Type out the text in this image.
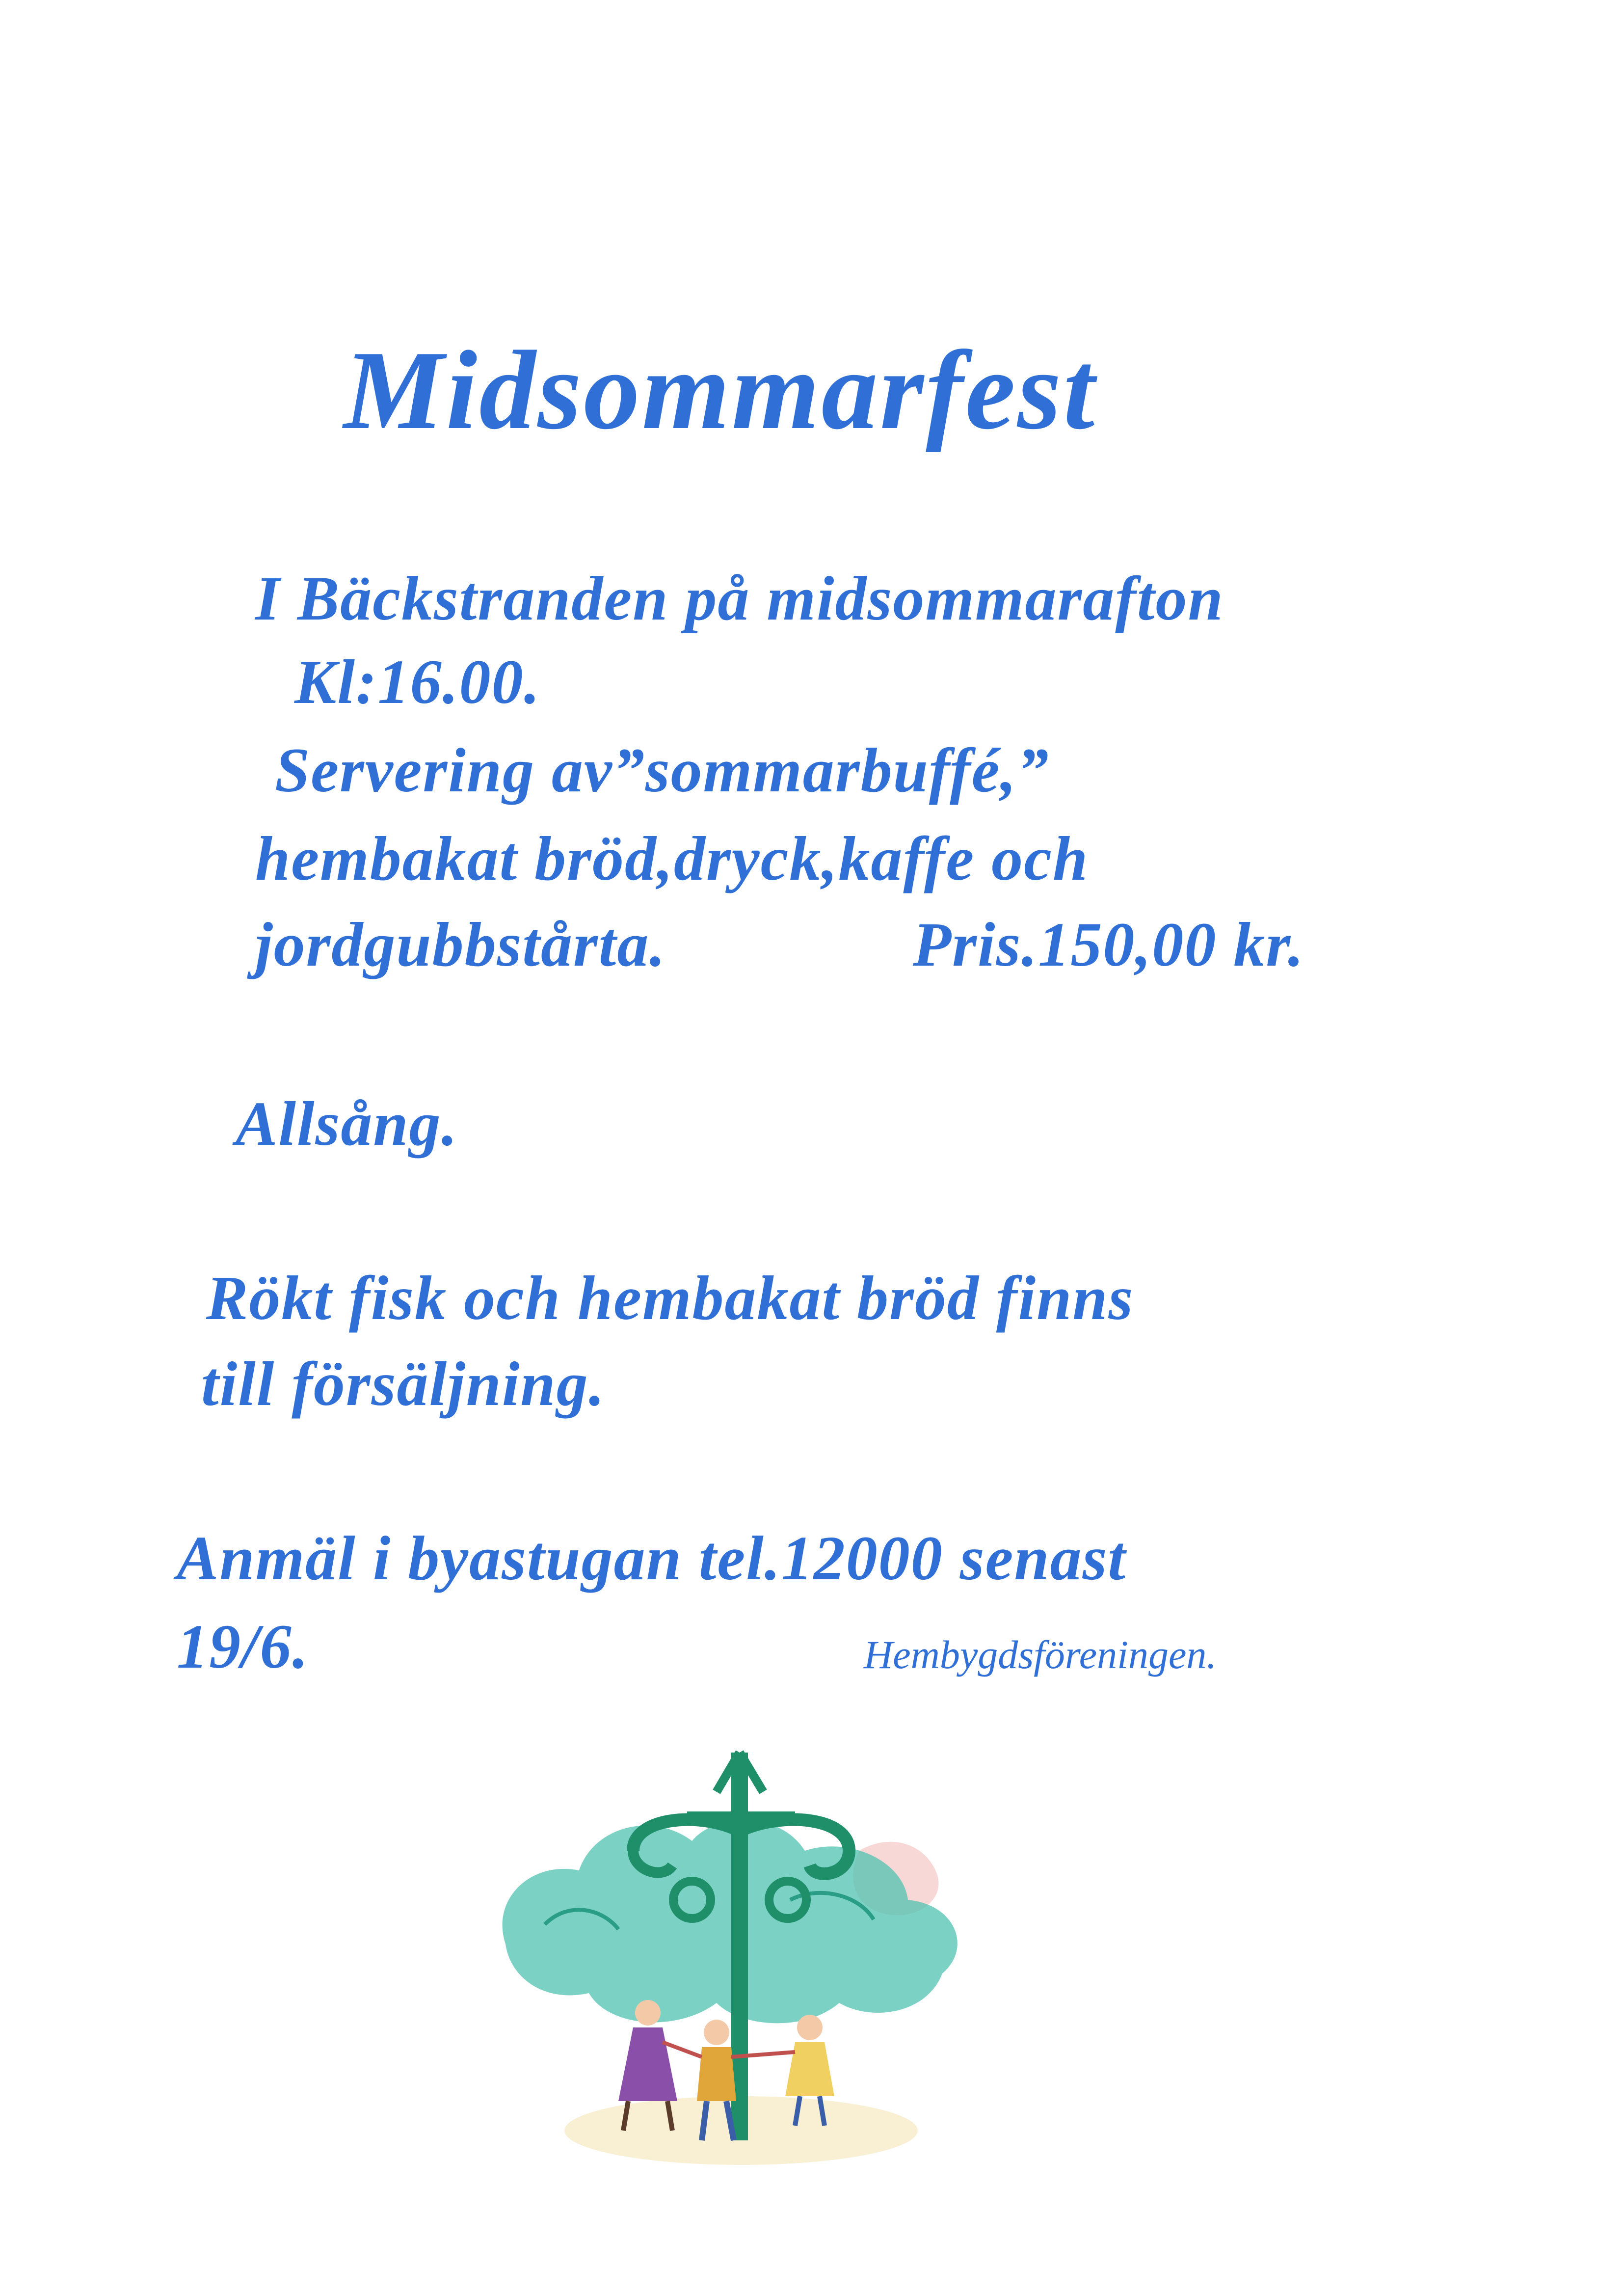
Midsommarfest

I Bäckstranden på midsommarafton

Kl:16.00.

Servering av”sommarbuffé,”

hembakat bröd,dryck,kaffe och

jordgubbstårta.	Pris.150,00 kr.

Allsång.

Rökt fisk och hembakat bröd finns

till försäljning.

Anmäl i byastugan tel.12000 senast

19/6.	Hembygdsföreningen.
